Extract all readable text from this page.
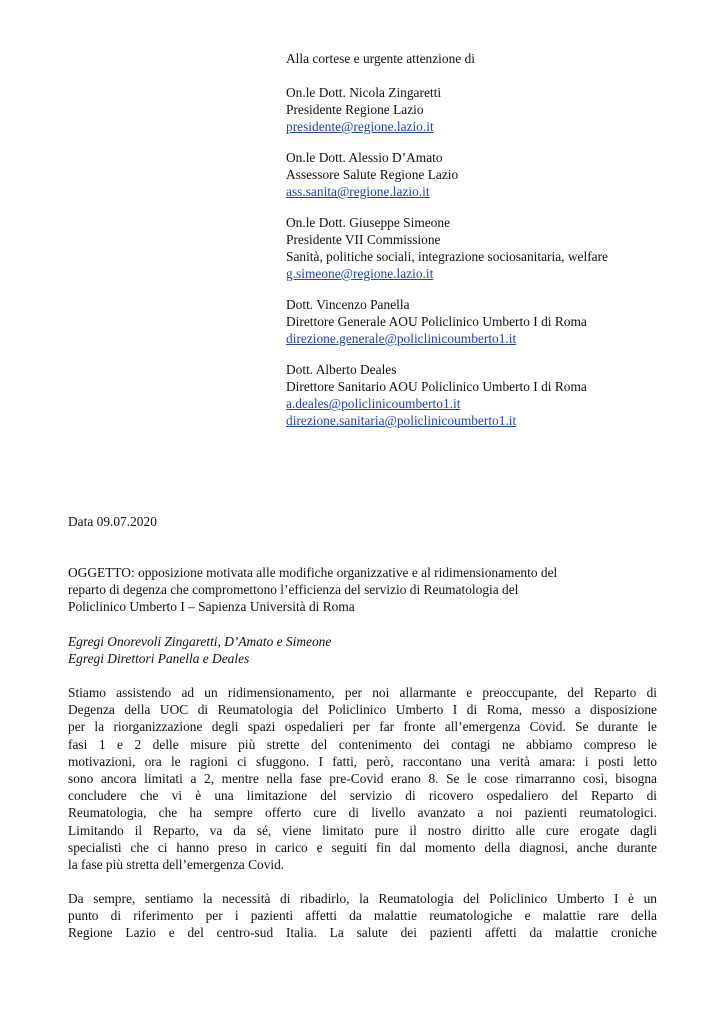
Alla cortese e urgente attenzione di
On.le Dott. Nicola Zingaretti
Presidente Regione Lazio
presidente@regione.lazio.it
On.le Dott. Alessio D’Amato
Assessore Salute Regione Lazio
ass.sanita@regione.lazio.it
On.le Dott. Giuseppe Simeone
Presidente VII Commissione
Sanità, politiche sociali, integrazione sociosanitaria, welfare
g.simeone@regione.lazio.it
Dott. Vincenzo Panella
Direttore Generale AOU Policlinico Umberto I di Roma
direzione.generale@policlinicoumberto1.it
Dott. Alberto Deales
Direttore Sanitario AOU Policlinico Umberto I di Roma
a.deales@policlinicoumberto1.it
direzione.sanitaria@policlinicoumberto1.it
Data 09.07.2020
OGGETTO: opposizione motivata alle modifiche organizzative e al ridimensionamento del
reparto di degenza che compromettono l’efficienza del servizio di Reumatologia del
Policlinico Umberto I – Sapienza Università di Roma
Egregi Onorevoli Zingaretti, D’Amato e Simeone
Egregi Direttori Panella e Deales
Stiamo assistendo ad un ridimensionamento, per noi allarmante e preoccupante, del Reparto di
Degenza della UOC di Reumatologia del Policlinico Umberto I di Roma, messo a disposizione
per la riorganizzazione degli spazi ospedalieri per far fronte all’emergenza Covid. Se durante le
fasi 1 e 2 delle misure più strette del contenimento dei contagi ne abbiamo compreso le
motivazioni, ora le ragioni ci sfuggono. I fatti, però, raccontano una verità amara: i posti letto
sono ancora limitati a 2, mentre nella fase pre-Covid erano 8. Se le cose rimarranno così, bisogna
concludere che vi è una limitazione del servizio di ricovero ospedaliero del Reparto di
Reumatologia, che ha sempre offerto cure di livello avanzato a noi pazienti reumatologici.
Limitando il Reparto, va da sé, viene limitato pure il nostro diritto alle cure erogate dagli
specialisti che ci hanno preso in carico e seguiti fin dal momento della diagnosi, anche durante
la fase più stretta dell’emergenza Covid.
Da sempre, sentiamo la necessità di ribadirlo, la Reumatologia del Policlinico Umberto I è un
punto di riferimento per i pazienti affetti da malattie reumatologiche e malattie rare della
Regione Lazio e del centro-sud Italia. La salute dei pazienti affetti da malattie croniche
